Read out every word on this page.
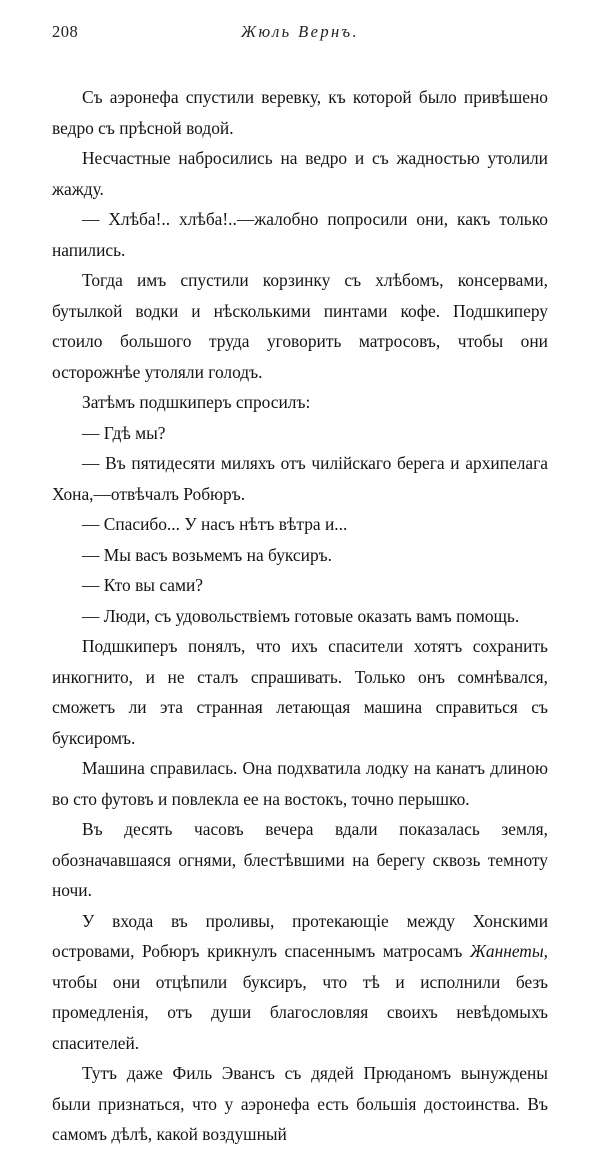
208	Жюль Вернъ.

Съ аэронефа спустили веревку, къ которой было привѣшено ведро съ прѣсной водой.

Несчастные набросились на ведро и съ жадностью утолили жажду.

— Хлѣба!.. хлѣба!..—жалобно попросили они, какъ только напились.

Тогда имъ спустили корзинку съ хлѣбомъ, консервами, бутылкой водки и нѣсколькими пинтами кофе. Подшкиперу стоило большого труда уговорить матросовъ, чтобы они осторожнѣе утоляли голодъ.

Затѣмъ подшкиперъ спросилъ:

— Гдѣ мы?

— Въ пятидесяти миляхъ отъ чилійскаго берега и архипелага Хона,—отвѣчалъ Робюръ.

— Спасибо... У насъ нѣтъ вѣтра и...

— Мы васъ возьмемъ на буксиръ.

— Кто вы сами?

— Люди, съ удовольствіемъ готовые оказать вамъ помощь.

Подшкиперъ понялъ, что ихъ спасители хотятъ сохранить инкогнито, и не сталъ спрашивать. Только онъ сомнѣвался, сможетъ ли эта странная летающая машина справиться съ буксиромъ.

Машина справилась. Она подхватила лодку на канатъ длиною во сто футовъ и повлекла ее на востокъ, точно перышко.

Въ десять часовъ вечера вдали показалась земля, обозначавшаяся огнями, блестѣвшими на берегу сквозь темноту ночи.

У входа въ проливы, протекающіе между Хонскими островами, Робюръ крикнулъ спасеннымъ матросамъ Жаннеты, чтобы они отцѣпили буксиръ, что тѣ и исполнили безъ промедленія, отъ души благословляя своихъ невѣдомыхъ спасителей.

Тутъ даже Филь Эвансъ съ дядей Прюданомъ вынуждены были признаться, что у аэронефа есть большія достоинства. Въ самомъ дѣлѣ, какой воздушный
